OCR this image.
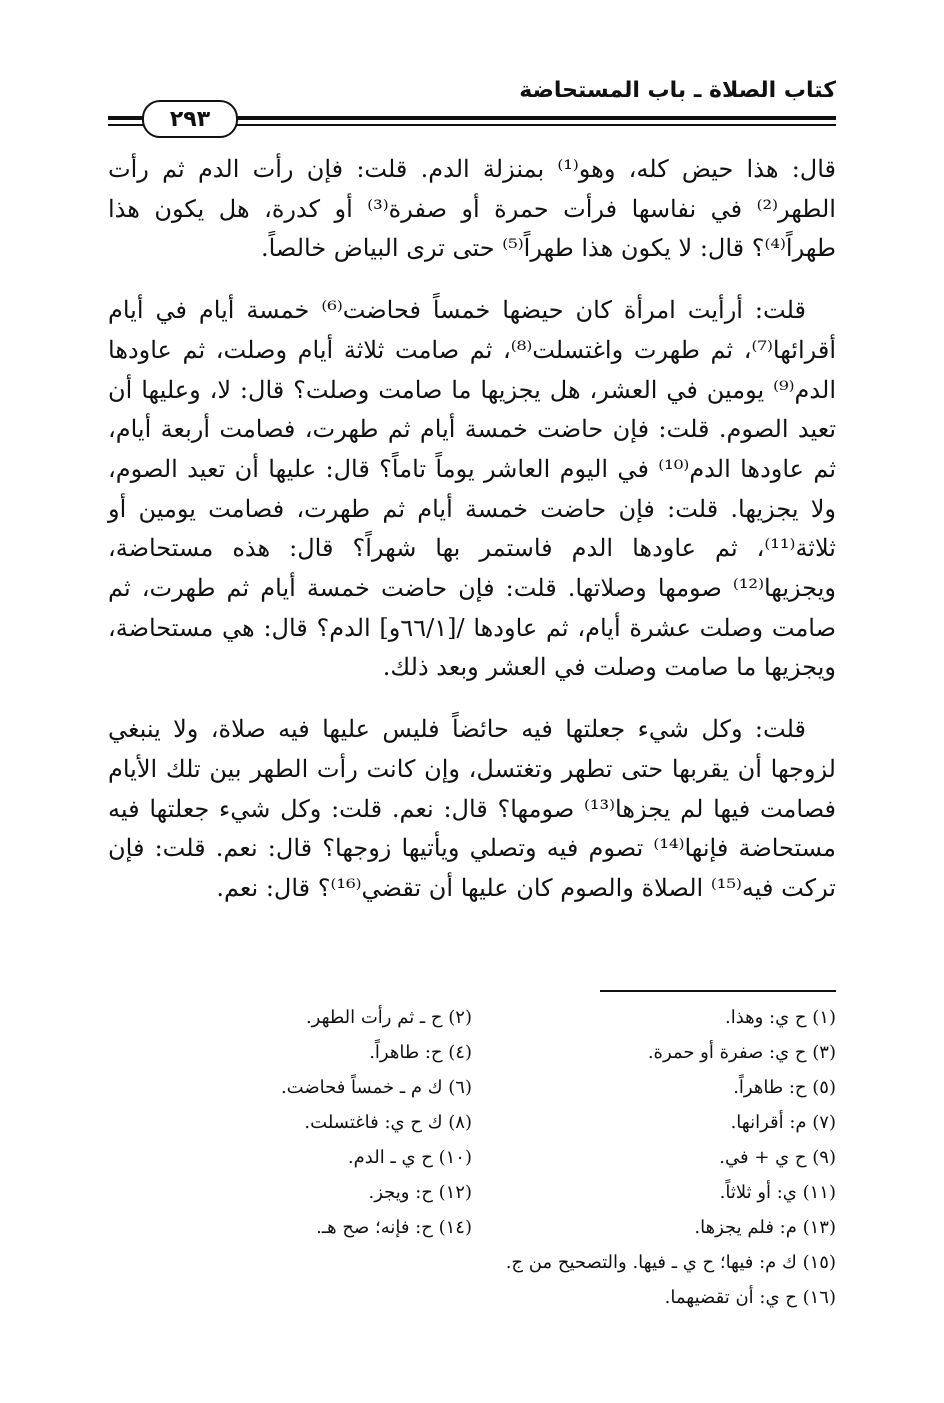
كتاب الصلاة ـ باب المستحاضة
٢٩٣

قال: هذا حيض كله، وهو⁽¹⁾ بمنزلة الدم. قلت: فإن رأت الدم ثم رأت الطهر⁽²⁾ في نفاسها فرأت حمرة أو صفرة⁽³⁾ أو كدرة، هل يكون هذا طهراً⁽⁴⁾؟ قال: لا يكون هذا طهراً⁽⁵⁾ حتى ترى البياض خالصاً.

قلت: أرأيت امرأة كان حيضها خمساً فحاضت⁽⁶⁾ خمسة أيام في أيام أقرائها⁽⁷⁾، ثم طهرت واغتسلت⁽⁸⁾، ثم صامت ثلاثة أيام وصلت، ثم عاودها الدم⁽⁹⁾ يومين في العشر، هل يجزيها ما صامت وصلت؟ قال: لا، وعليها أن تعيد الصوم. قلت: فإن حاضت خمسة أيام ثم طهرت، فصامت أربعة أيام، ثم عاودها الدم⁽¹⁰⁾ في اليوم العاشر يوماً تاماً؟ قال: عليها أن تعيد الصوم، ولا يجزيها. قلت: فإن حاضت خمسة أيام ثم طهرت، فصامت يومين أو ثلاثة⁽¹¹⁾، ثم عاودها الدم فاستمر بها شهراً؟ قال: هذه مستحاضة، ويجزيها⁽¹²⁾ صومها وصلاتها. قلت: فإن حاضت خمسة أيام ثم طهرت، ثم صامت وصلت عشرة أيام، ثم عاودها /[٦٦/١و] الدم؟ قال: هي مستحاضة، ويجزيها ما صامت وصلت في العشر وبعد ذلك.

قلت: وكل شيء جعلتها فيه حائضاً فليس عليها فيه صلاة، ولا ينبغي لزوجها أن يقربها حتى تطهر وتغتسل، وإن كانت رأت الطهر بين تلك الأيام فصامت فيها لم يجزها⁽¹³⁾ صومها؟ قال: نعم. قلت: وكل شيء جعلتها فيه مستحاضة فإنها⁽¹⁴⁾ تصوم فيه وتصلي ويأتيها زوجها؟ قال: نعم. قلت: فإن تركت فيه⁽¹⁵⁾ الصلاة والصوم كان عليها أن تقضي⁽¹⁶⁾؟ قال: نعم.

(١) ح ي: وهذا.
(٢) ح ـ ثم رأت الطهر.
(٣) ح ي: صفرة أو حمرة.
(٤) ح: طاهراً.
(٥) ح: طاهراً.
(٦) ك م ـ خمساً فحاضت.
(٧) م: أقرانها.
(٨) ك ح ي: فاغتسلت.
(٩) ح ي + في.
(١٠) ح ي ـ الدم.
(١١) ي: أو ثلاثاً.
(١٢) ح: ويجز.
(١٣) م: فلم يجزها.
(١٤) ح: فإنه؛ صح هـ.
(١٥) ك م: فيها؛ ح ي ـ فيها. والتصحيح من ج.
(١٦) ح ي: أن تقضيهما.
